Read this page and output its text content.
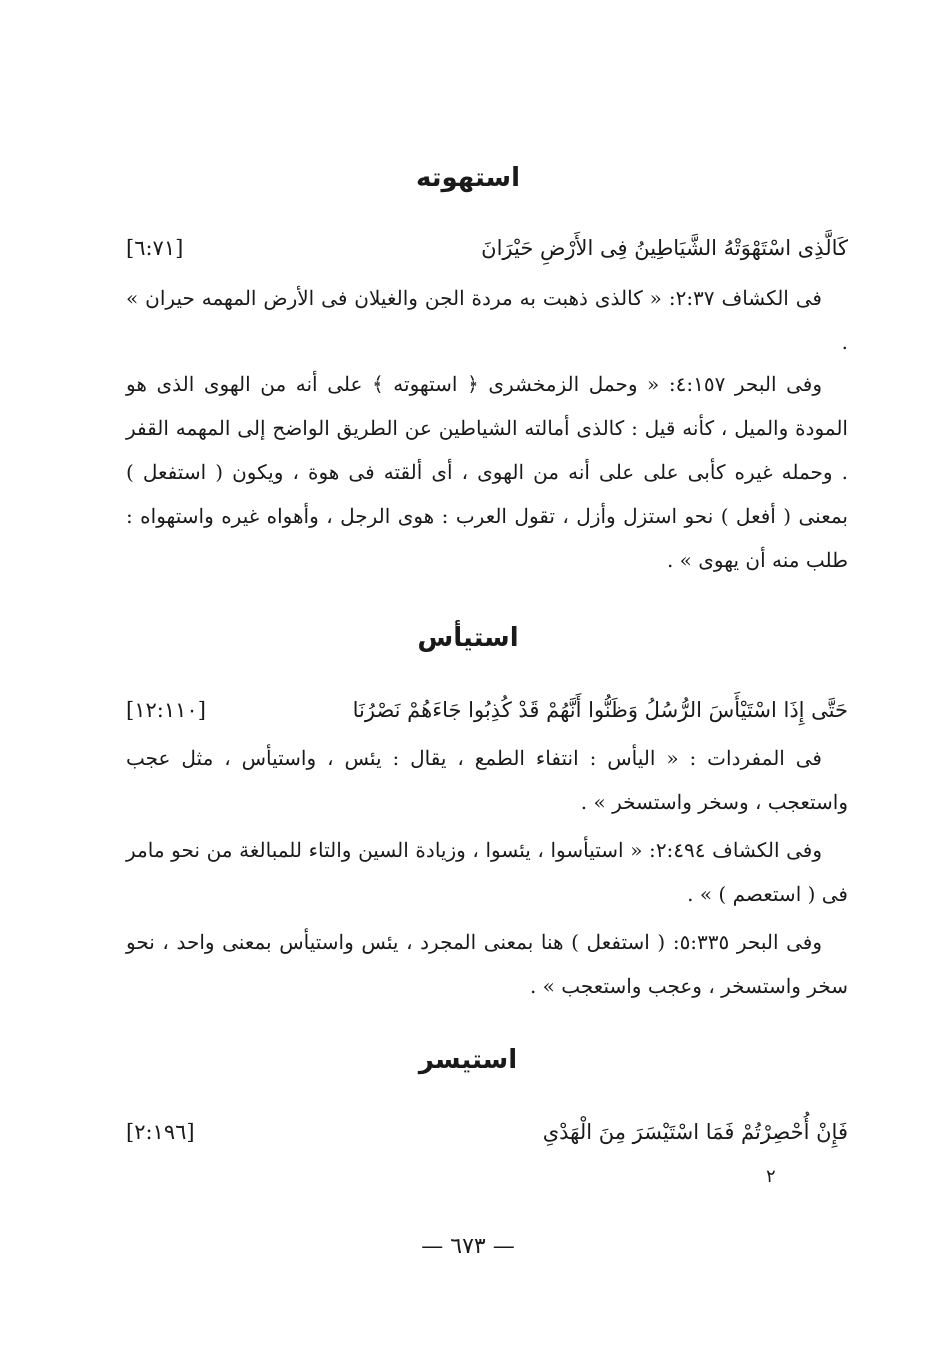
استهوته
كَالَّذِى اسْتَهْوَتْهُ الشَّيَاطِينُ فِى الأَرْضِ حَيْرَانَ
[٦:٧١]

فى الكشاف ٢:٣٧: « كالذى ذهبت به مردة الجن والغيلان فى الأرض المهمه حيران » .

وفى البحر ٤:١٥٧: « وحمل الزمخشرى ﴿ استهوته ﴾ على أنه من الهوى الذى هو المودة والميل ، كأنه قيل : كالذى أمالته الشياطين عن الطريق الواضح إلى المهمه القفر . وحمله غيره كأبى على على أنه من الهوى ، أى ألقته فى هوة ، ويكون ( استفعل ) بمعنى ( أفعل ) نحو استزل وأزل ، تقول العرب : هوى الرجل ، وأهواه غيره واستهواه : طلب منه أن يهوى » .

استيأس
حَتَّى إِذَا اسْتَيْأَسَ الرُّسُلُ وَظَنُّوا أَنَّهُمْ قَدْ كُذِبُوا جَاءَهُمْ نَصْرُنَا
[١٢:١١٠]

فى المفردات : « اليأس : انتفاء الطمع ، يقال : يئس ، واستيأس ، مثل عجب واستعجب ، وسخر واستسخر » .

وفى الكشاف ٢:٤٩٤: « استيأسوا ، يئسوا ، وزيادة السين والتاء للمبالغة من نحو مامر فى ( استعصم ) » .

وفى البحر ٥:٣٣٥: ( استفعل ) هنا بمعنى المجرد ، يئس واستيأس بمعنى واحد ، نحو سخر واستسخر ، وعجب واستعجب » .

استيسر
فَإِنْ أُحْصِرْتُمْ فَمَا اسْتَيْسَرَ مِنَ الْهَدْىِ
[٢:١٩٦]
٢
— ٦٧٣ —
